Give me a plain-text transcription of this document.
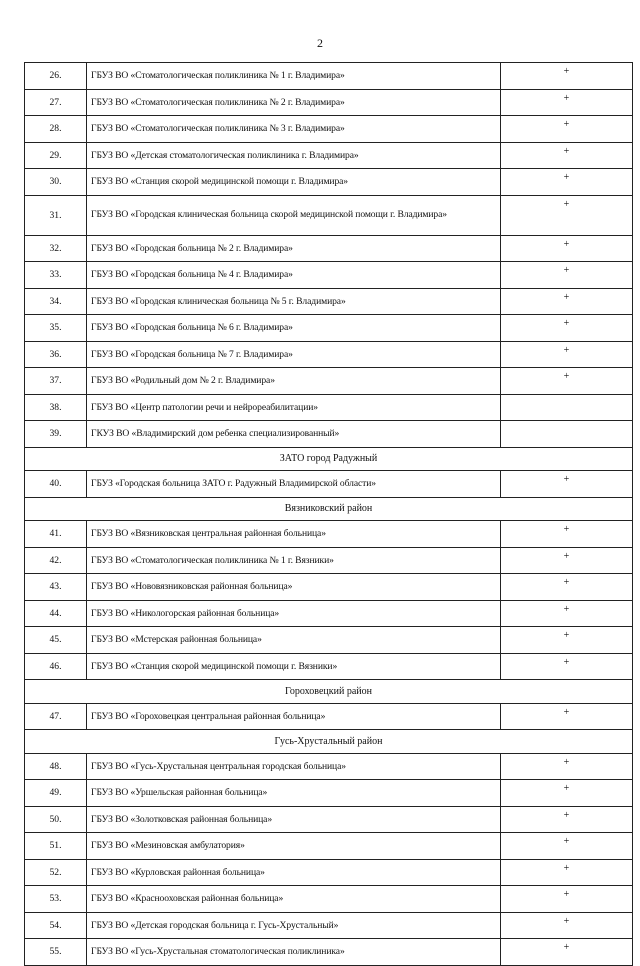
2
26.	ГБУЗ ВО «Стоматологическая поликлиника № 1 г. Владимира»	+
27.	ГБУЗ ВО «Стоматологическая поликлиника № 2 г. Владимира»	+
28.	ГБУЗ ВО «Стоматологическая поликлиника № 3 г. Владимира»	+
29.	ГБУЗ ВО «Детская стоматологическая поликлиника г. Владимира»	+
30.	ГБУЗ ВО «Станция скорой медицинской помощи г. Владимира»	+
31.	ГБУЗ ВО «Городская клиническая больница скорой медицинской помощи г. Владимира»	+
32.	ГБУЗ ВО «Городская больница № 2 г. Владимира»	+
33.	ГБУЗ ВО «Городская больница № 4 г. Владимира»	+
34.	ГБУЗ ВО «Городская клиническая больница № 5 г. Владимира»	+
35.	ГБУЗ ВО «Городская больница № 6 г. Владимира»	+
36.	ГБУЗ ВО «Городская больница № 7 г. Владимира»	+
37.	ГБУЗ ВО «Родильный дом № 2 г. Владимира»	+
38.	ГБУЗ ВО «Центр патологии речи и нейрореабилитации»	
39.	ГКУЗ ВО «Владимирский дом ребенка специализированный»	
ЗАТО город Радужный		
40.	ГБУЗ «Городская больница ЗАТО г. Радужный Владимирской области»	+
Вязниковский район		
41.	ГБУЗ ВО «Вязниковская центральная районная больница»	+
42.	ГБУЗ ВО «Стоматологическая поликлиника № 1 г. Вязники»	+
43.	ГБУЗ ВО «Нововязниковская районная больница»	+
44.	ГБУЗ ВО «Никологорская районная больница»	+
45.	ГБУЗ ВО «Мстерская районная больница»	+
46.	ГБУЗ ВО «Станция скорой медицинской помощи г. Вязники»	+
Гороховецкий район		
47.	ГБУЗ ВО «Гороховецкая центральная районная больница»	+
Гусь-Хрустальный район		
48.	ГБУЗ ВО «Гусь-Хрустальная центральная городская больница»	+
49.	ГБУЗ ВО «Уршельская районная больница»	+
50.	ГБУЗ ВО «Золотковская районная больница»	+
51.	ГБУЗ ВО «Мезиновская амбулатория»	+
52.	ГБУЗ ВО «Курловская районная больница»	+
53.	ГБУЗ ВО «Краснооховская районная больница»	+
54.	ГБУЗ ВО «Детская городская больница г. Гусь-Хрустальный»	+
55.	ГБУЗ ВО «Гусь-Хрустальная стоматологическая поликлиника»	+
